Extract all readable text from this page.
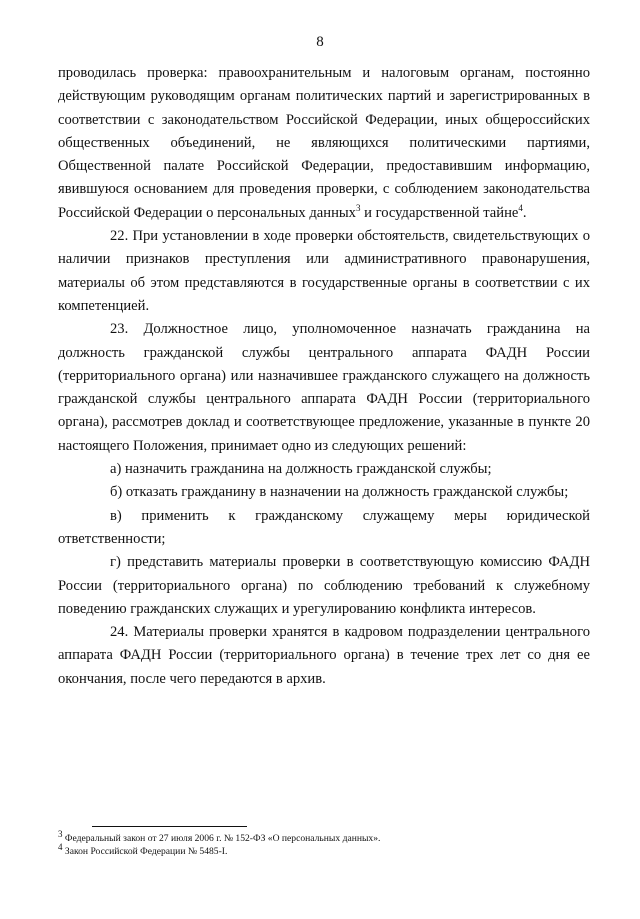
8

проводилась проверка: правоохранительным и налоговым органам, постоянно действующим руководящим органам политических партий и зарегистрированных в соответствии с законодательством Российской Федерации, иных общероссийских общественных объединений, не являющихся политическими партиями, Общественной палате Российской Федерации, предоставившим информацию, явившуюся основанием для проведения проверки, с соблюдением законодательства Российской Федерации о персональных данных$^3$ и государственной тайне$^4$.

22. При установлении в ходе проверки обстоятельств, свидетельствующих о наличии признаков преступления или административного правонарушения, материалы об этом представляются в государственные органы в соответствии с их компетенцией.

23. Должностное лицо, уполномоченное назначать гражданина на должность гражданской службы центрального аппарата ФАДН России (территориального органа) или назначившее гражданского служащего на должность гражданской службы центрального аппарата ФАДН России (территориального органа), рассмотрев доклад и соответствующее предложение, указанные в пункте 20 настоящего Положения, принимает одно из следующих решений:

а) назначить гражданина на должность гражданской службы;

б) отказать гражданину в назначении на должность гражданской службы;

в) применить к гражданскому служащему меры юридической ответственности;

г) представить материалы проверки в соответствующую комиссию ФАДН России (территориального органа) по соблюдению требований к служебному поведению гражданских служащих и урегулированию конфликта интересов.

24. Материалы проверки хранятся в кадровом подразделении центрального аппарата ФАДН России (территориального органа) в течение трех лет со дня ее окончания, после чего передаются в архив.

$^3$ Федеральный закон от 27 июля 2006 г. № 152-ФЗ «О персональных данных».

$^4$ Закон Российской Федерации № 5485-I.
